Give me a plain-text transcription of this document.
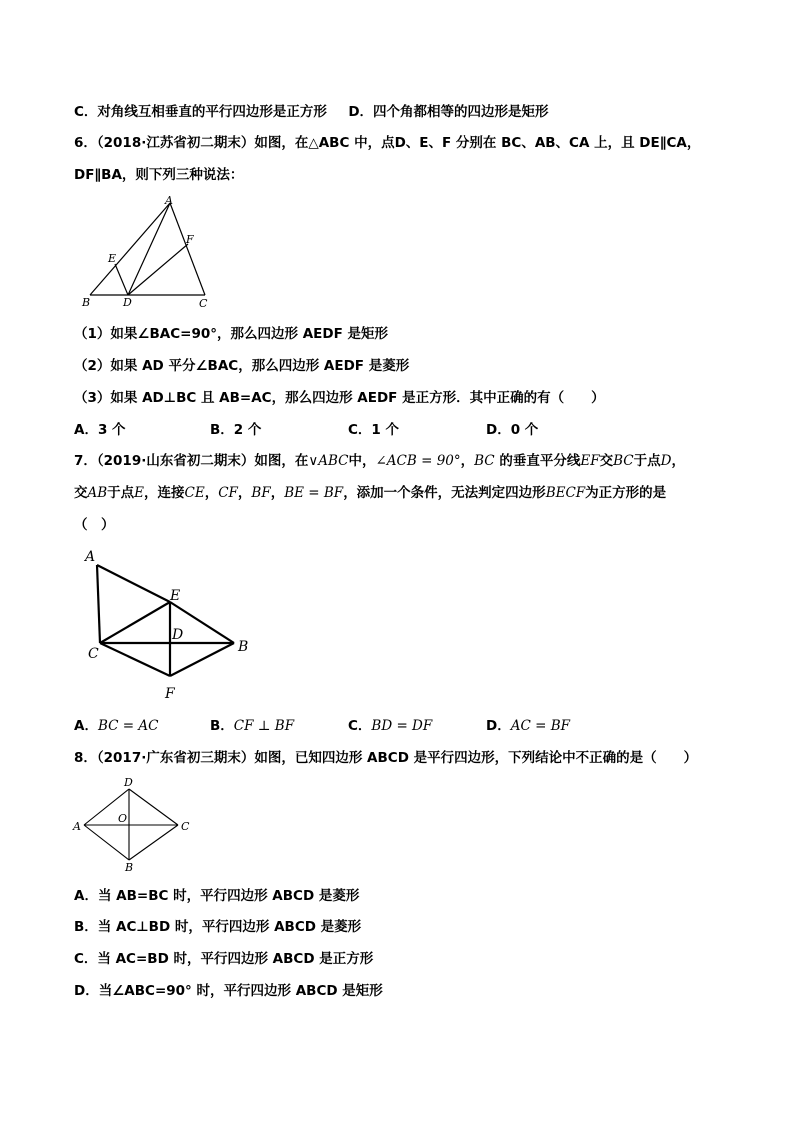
C．对角线互相垂直的平行四边形是正方形 D．四个角都相等的四边形是矩形
6．（2018·江苏省初二期末）如图，在△ABC 中，点D、E、F 分别在 BC、AB、CA 上，且 DE∥CA，
DF∥BA，则下列三种说法：
A
B	C
D
E
F
（1）如果∠BAC=90°，那么四边形 AEDF 是矩形
（2）如果 AD 平分∠BAC，那么四边形 AEDF 是菱形
（3）如果 AD⊥BC 且 AB=AC，那么四边形 AEDF 是正方形．其中正确的有（　　）
A．3 个	B．2 个	C．1 个	D．0 个
7．（2019·山东省初二期末）如图，在∨ABC中，∠ACB = 90°，BC 的垂直平分线EF交BC于点D，
交AB于点E，连接CE，CF，BF，BE = BF，添加一个条件，无法判定四边形BECF为正方形的是
（　）
A
E
D
C	B
F
A．BC = AC	B．CF ⊥ BF	C．BD = DF	D．AC = BF
8．（2017·广东省初三期末）如图，已知四边形 ABCD 是平行四边形，下列结论中不正确的是（　　）
D
A	C
B
O
A．当 AB=BC 时，平行四边形 ABCD 是菱形
B．当 AC⊥BD 时，平行四边形 ABCD 是菱形
C．当 AC=BD 时，平行四边形 ABCD 是正方形
D．当∠ABC=90° 时，平行四边形 ABCD 是矩形
